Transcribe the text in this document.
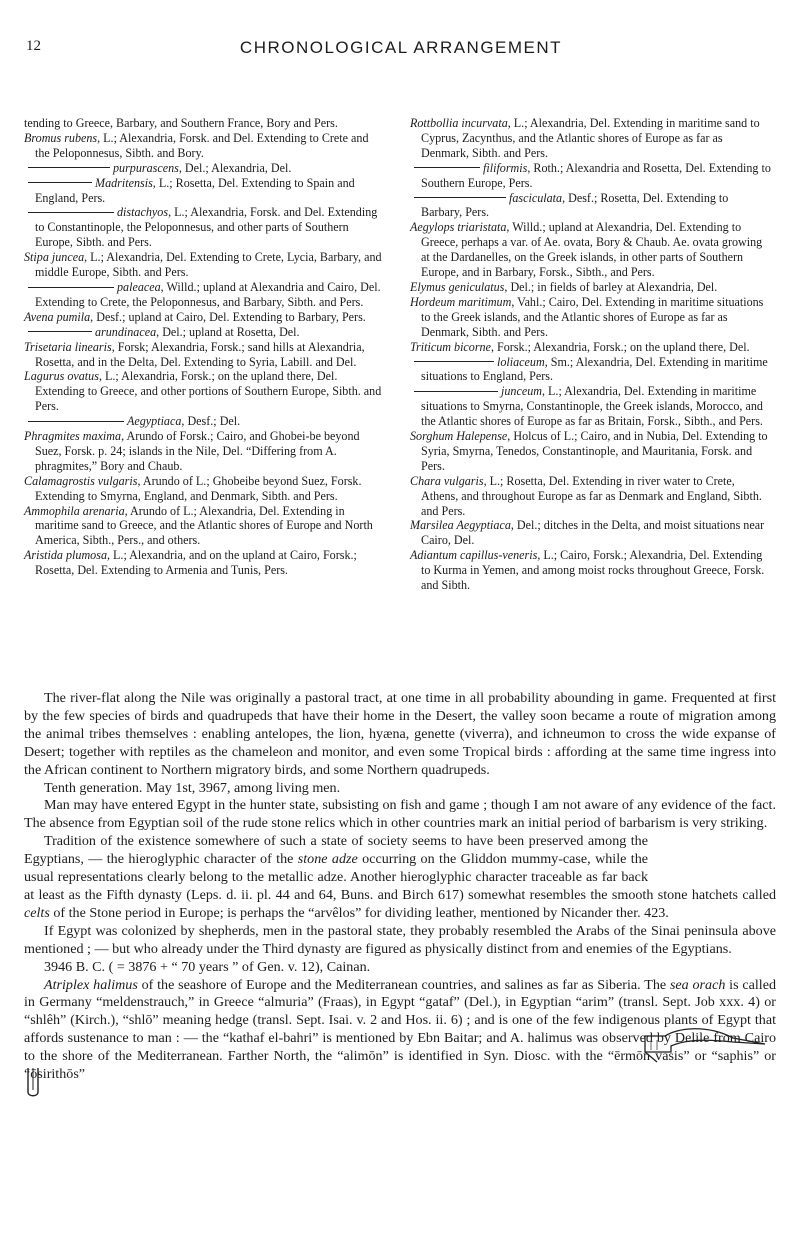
12	CHRONOLOGICAL ARRANGEMENT

tending to Greece, Barbary, and Southern France, Bory and Pers.

Bromus rubens, L.; Alexandria, Forsk. and Del. Extending to Crete and the Peloponnesus, Sibth. and Bory.

purpurascens, Del.; Alexandria, Del.

Madritensis, L.; Rosetta, Del. Extending to Spain and England, Pers.

distachyos, L.; Alexandria, Forsk. and Del. Extending to Constantinople, the Peloponnesus, and other parts of Southern Europe, Sibth. and Pers.

Stipa juncea, L.; Alexandria, Del. Extending to Crete, Lycia, Barbary, and middle Europe, Sibth. and Pers.

paleacea, Willd.; upland at Alexandria and Cairo, Del. Extending to Crete, the Peloponnesus, and Barbary, Sibth. and Pers.

Avena pumila, Desf.; upland at Cairo, Del. Extending to Barbary, Pers.

arundinacea, Del.; upland at Rosetta, Del.

Trisetaria linearis, Forsk; Alexandria, Forsk.; sand hills at Alexandria, Rosetta, and in the Delta, Del. Extending to Syria, Labill. and Del.

Lagurus ovatus, L.; Alexandria, Forsk.; on the upland there, Del. Extending to Greece, and other portions of Southern Europe, Sibth. and Pers.

Aegyptiaca, Desf.; Del.

Phragmites maxima, Arundo of Forsk.; Cairo, and Ghobei-be beyond Suez, Forsk. p. 24; islands in the Nile, Del. “Differing from A. phragmites,” Bory and Chaub.

Calamagrostis vulgaris, Arundo of L.; Ghobeibe beyond Suez, Forsk. Extending to Smyrna, England, and Denmark, Sibth. and Pers.

Ammophila arenaria, Arundo of L.; Alexandria, Del. Extending in maritime sand to Greece, and the Atlantic shores of Europe and North America, Sibth., Pers., and others.

Aristida plumosa, L.; Alexandria, and on the upland at Cairo, Forsk.; Rosetta, Del. Extending to Armenia and Tunis, Pers.

Rottbollia incurvata, L.; Alexandria, Del. Extending in maritime sand to Cyprus, Zacynthus, and the Atlantic shores of Europe as far as Denmark, Sibth. and Pers.

filiformis, Roth.; Alexandria and Rosetta, Del. Extending to Southern Europe, Pers.

fasciculata, Desf.; Rosetta, Del. Extending to Barbary, Pers.

Aegylops triaristata, Willd.; upland at Alexandria, Del. Extending to Greece, perhaps a var. of Ae. ovata, Bory & Chaub. Ae. ovata growing at the Dardanelles, on the Greek islands, in other parts of Southern Europe, and in Barbary, Forsk., Sibth., and Pers.

Elymus geniculatus, Del.; in fields of barley at Alexandria, Del.

Hordeum maritimum, Vahl.; Cairo, Del. Extending in maritime situations to the Greek islands, and the Atlantic shores of Europe as far as Denmark, Sibth. and Pers.

Triticum bicorne, Forsk.; Alexandria, Forsk.; on the upland there, Del.

loliaceum, Sm.; Alexandria, Del. Extending in maritime situations to England, Pers.

junceum, L.; Alexandria, Del. Extending in maritime situations to Smyrna, Constantinople, the Greek islands, Morocco, and the Atlantic shores of Europe as far as Britain, Forsk., Sibth., and Pers.

Sorghum Halepense, Holcus of L.; Cairo, and in Nubia, Del. Extending to Syria, Smyrna, Tenedos, Constantinople, and Mauritania, Forsk. and Pers.

Chara vulgaris, L.; Rosetta, Del. Extending in river water to Crete, Athens, and throughout Europe as far as Denmark and England, Sibth. and Pers.

Marsilea Aegyptiaca, Del.; ditches in the Delta, and moist situations near Cairo, Del.

Adiantum capillus-veneris, L.; Cairo, Forsk.; Alexandria, Del. Extending to Kurma in Yemen, and among moist rocks throughout Greece, Forsk. and Sibth.

The river-flat along the Nile was originally a pastoral tract, at one time in all probability abounding in game. Frequented at first by the few species of birds and quadrupeds that have their home in the Desert, the valley soon became a route of migration among the animal tribes themselves : enabling antelopes, the lion, hyæna, genette (viverra), and ichneumon to cross the wide expanse of Desert; together with reptiles as the chameleon and monitor, and even some Tropical birds : affording at the same time ingress into the African continent to Northern migratory birds, and some Northern quadrupeds.

Tenth generation. May 1st, 3967, among living men.

Man may have entered Egypt in the hunter state, subsisting on fish and game ; though I am not aware of any evidence of the fact. The absence from Egyptian soil of the rude stone relics which in other countries mark an initial period of barbarism is very striking.

Tradition of the existence somewhere of such a state of society seems to have been preserved among the Egyptians, — the hieroglyphic character of the stone adze occurring on the Gliddon mummy-case, while the usual representations clearly belong to the metallic adze. Another hieroglyphic character traceable as far back at least as the Fifth dynasty (Leps. d. ii. pl. 44 and 64, Buns. and Birch 617) somewhat resembles the smooth stone hatchets called celts of the Stone period in Europe; is perhaps the “arvêlos” for dividing leather, mentioned by Nicander ther. 423.

If Egypt was colonized by shepherds, men in the pastoral state, they probably resembled the Arabs of the Sinai peninsula above mentioned ; — but who already under the Third dynasty are figured as physically distinct from and enemies of the Egyptians.

3946 B. C. ( = 3876 + “ 70 years ” of Gen. v. 12), Cainan.

Atriplex halimus of the seashore of Europe and the Mediterranean countries, and salines as far as Siberia. The sea orach is called in Germany “meldenstrauch,” in Greece “almuria” (Fraas), in Egypt “gataf” (Del.), in Egyptian “arim” (transl. Sept. Job xxx. 4) or “shlêh” (Kirch.), “shlō” meaning hedge (transl. Sept. Isai. v. 2 and Hos. ii. 6) ; and is one of the few indigenous plants of Egypt that affords sustenance to man : — the “kathaf el-bahri” is mentioned by Ebn Baitar; and A. halimus was observed by Delile from Cairo to the shore of the Mediterranean. Farther North, the “alimōn” is identified in Syn. Diosc. with the “ērmōn vasis” or “saphis” or “ōsirithōs”
